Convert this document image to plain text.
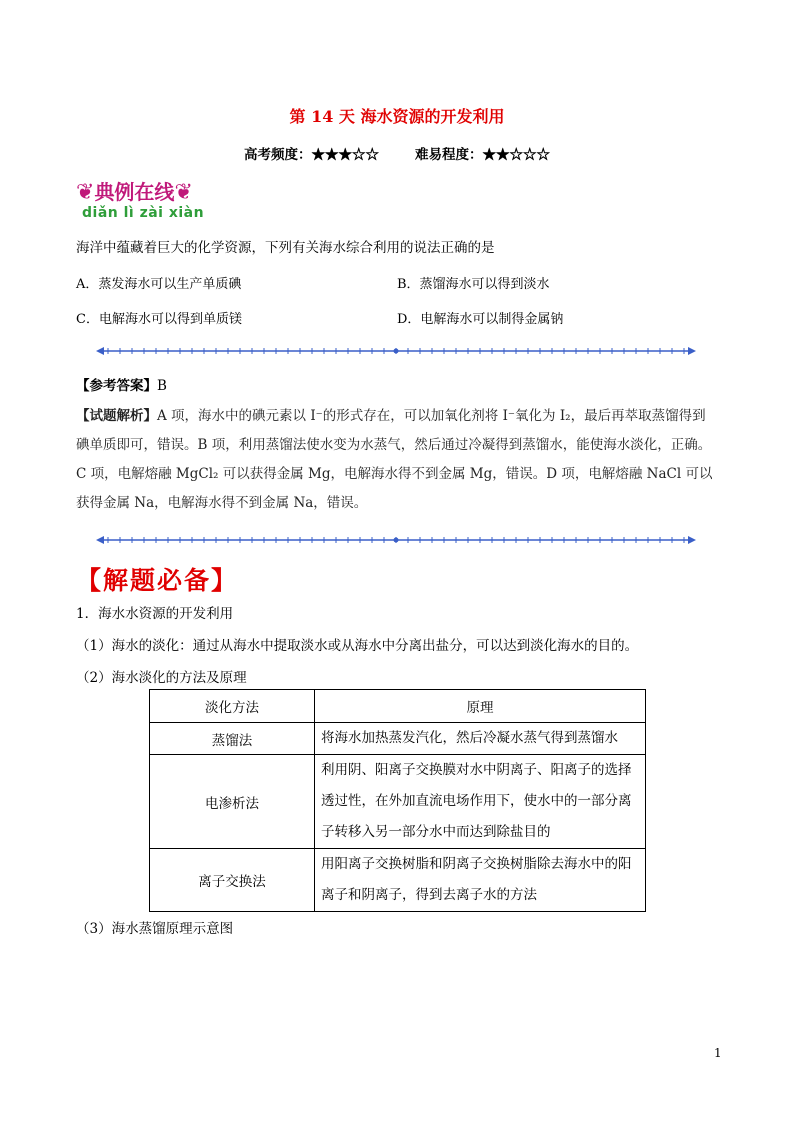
第 14 天 海水资源的开发利用
高考频度：★★★☆☆	难易程度：★★☆☆☆
❦典例在线❦
diǎn lì zài xiàn
海洋中蕴藏着巨大的化学资源，下列有关海水综合利用的说法正确的是
A．蒸发海水可以生产单质碘	B．蒸馏海水可以得到淡水
C．电解海水可以得到单质镁	D．电解海水可以制得金属钠
【参考答案】B
【试题解析】A 项，海水中的碘元素以 I⁻的形式存在，可以加氧化剂将 I⁻氧化为 I₂，最后再萃取蒸馏得到碘单质即可，错误。B 项，利用蒸馏法使水变为水蒸气，然后通过冷凝得到蒸馏水，能使海水淡化，正确。C 项，电解熔融 MgCl₂ 可以获得金属 Mg，电解海水得不到金属 Mg，错误。D 项，电解熔融 NaCl 可以获得金属 Na，电解海水得不到金属 Na，错误。
【解题必备】
1．海水水资源的开发利用
（1）海水的淡化：通过从海水中提取淡水或从海水中分离出盐分，可以达到淡化海水的目的。
（2）海水淡化的方法及原理
淡化方法	原理
蒸馏法	将海水加热蒸发汽化，然后冷凝水蒸气得到蒸馏水
电渗析法	利用阴、阳离子交换膜对水中阴离子、阳离子的选择透过性，在外加直流电场作用下，使水中的一部分离子转移入另一部分水中而达到除盐目的
离子交换法	用阳离子交换树脂和阴离子交换树脂除去海水中的阳离子和阴离子，得到去离子水的方法
（3）海水蒸馏原理示意图
1
